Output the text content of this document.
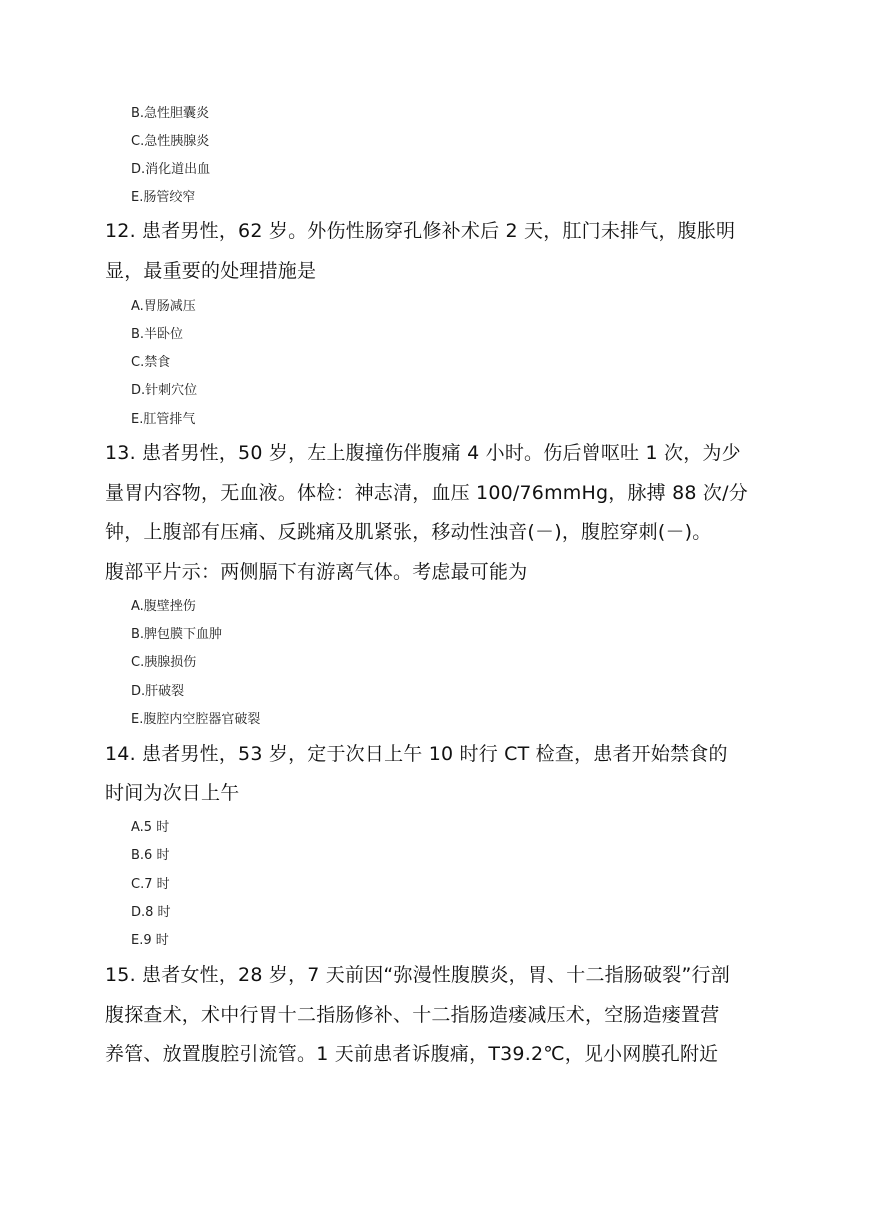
B.急性胆囊炎
C.急性胰腺炎
D.消化道出血
E.肠管绞窄
12. 患者男性，62 岁。外伤性肠穿孔修补术后 2 天，肛门未排气，腹胀明
显，最重要的处理措施是
A.胃肠减压
B.半卧位
C.禁食
D.针刺穴位
E.肛管排气
13. 患者男性，50 岁，左上腹撞伤伴腹痛 4 小时。伤后曾呕吐 1 次，为少
量胃内容物，无血液。体检：神志清，血压 100/76mmHg，脉搏 88 次/分
钟，上腹部有压痛、反跳痛及肌紧张，移动性浊音(－)，腹腔穿刺(－)。
腹部平片示：两侧膈下有游离气体。考虑最可能为
A.腹壁挫伤
B.脾包膜下血肿
C.胰腺损伤
D.肝破裂
E.腹腔内空腔器官破裂
14. 患者男性，53 岁，定于次日上午 10 时行 CT 检查，患者开始禁食的
时间为次日上午
A.5 时
B.6 时
C.7 时
D.8 时
E.9 时
15. 患者女性，28 岁，7 天前因“弥漫性腹膜炎，胃、十二指肠破裂”行剖
腹探查术，术中行胃十二指肠修补、十二指肠造瘘减压术，空肠造瘘置营
养管、放置腹腔引流管。1 天前患者诉腹痛，T39.2℃，见小网膜孔附近
